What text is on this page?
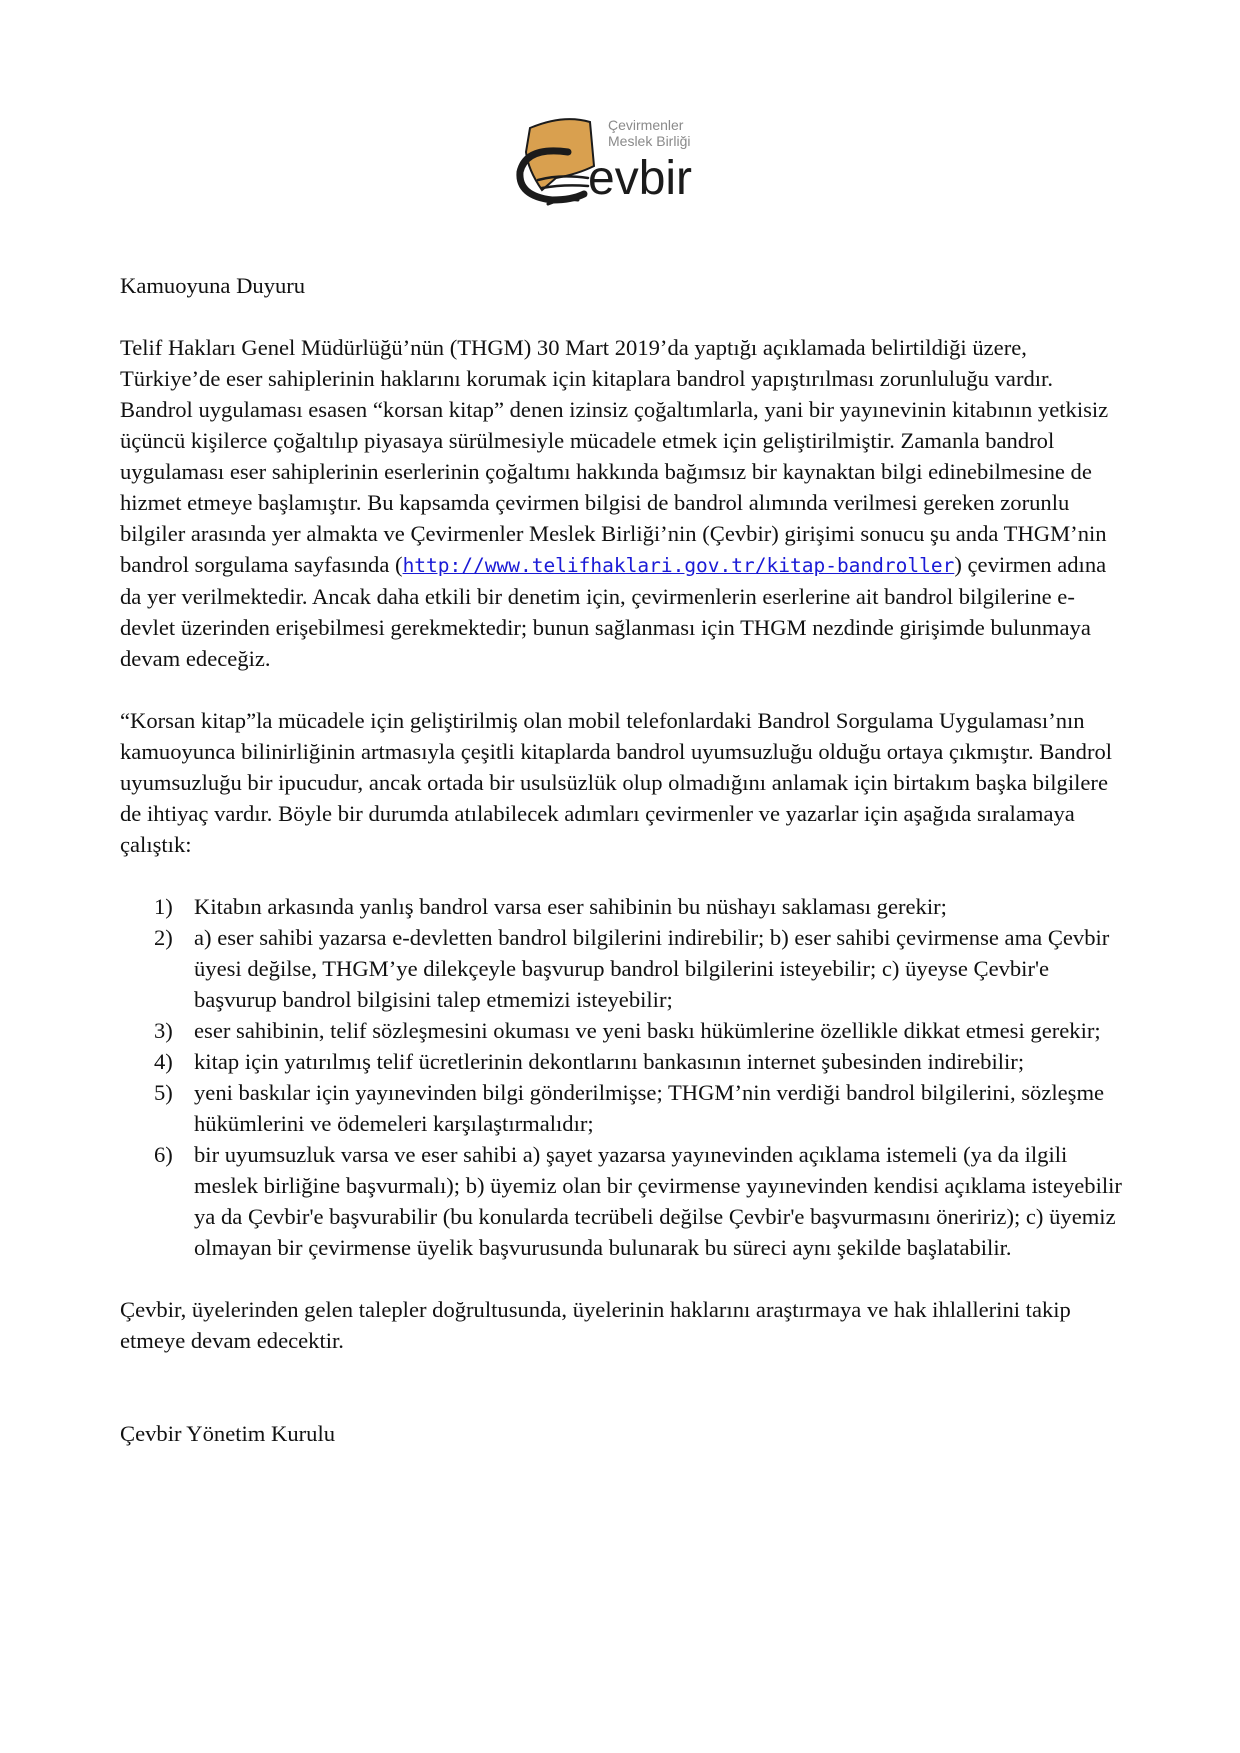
Çevirmenler
Meslek Birliği
evbir

Kamuoyuna Duyuru

Telif Hakları Genel Müdürlüğü’nün (THGM) 30 Mart 2019’da yaptığı açıklamada belirtildiği üzere, Türkiye’de eser sahiplerinin haklarını korumak için kitaplara bandrol yapıştırılması zorunluluğu vardır. Bandrol uygulaması esasen “korsan kitap” denen izinsiz çoğaltımlarla, yani bir yayınevinin kitabının yetkisiz üçüncü kişilerce çoğaltılıp piyasaya sürülmesiyle mücadele etmek için geliştirilmiştir. Zamanla bandrol uygulaması eser sahiplerinin eserlerinin çoğaltımı hakkında bağımsız bir kaynaktan bilgi edinebilmesine de hizmet etmeye başlamıştır. Bu kapsamda çevirmen bilgisi de bandrol alımında verilmesi gereken zorunlu bilgiler arasında yer almakta ve Çevirmenler Meslek Birliği’nin (Çevbir) girişimi sonucu şu anda THGM’nin bandrol sorgulama sayfasında (http://www.telifhaklari.gov.tr/kitap-bandroller) çevirmen adına da yer verilmektedir. Ancak daha etkili bir denetim için, çevirmenlerin eserlerine ait bandrol bilgilerine e-devlet üzerinden erişebilmesi gerekmektedir; bunun sağlanması için THGM nezdinde girişimde bulunmaya devam edeceğiz.

“Korsan kitap”la mücadele için geliştirilmiş olan mobil telefonlardaki Bandrol Sorgulama Uygulaması’nın kamuoyunca bilinirliğinin artmasıyla çeşitli kitaplarda bandrol uyumsuzluğu olduğu ortaya çıkmıştır. Bandrol uyumsuzluğu bir ipucudur, ancak ortada bir usulsüzlük olup olmadığını anlamak için birtakım başka bilgilere de ihtiyaç vardır. Böyle bir durumda atılabilecek adımları çevirmenler ve yazarlar için aşağıda sıralamaya çalıştık:

1) Kitabın arkasında yanlış bandrol varsa eser sahibinin bu nüshayı saklaması gerekir;
2) a) eser sahibi yazarsa e-devletten bandrol bilgilerini indirebilir; b) eser sahibi çevirmense ama Çevbir üyesi değilse, THGM’ye dilekçeyle başvurup bandrol bilgilerini isteyebilir; c) üyeyse Çevbir'e başvurup bandrol bilgisini talep etmemizi isteyebilir;
3) eser sahibinin, telif sözleşmesini okuması ve yeni baskı hükümlerine özellikle dikkat etmesi gerekir;
4) kitap için yatırılmış telif ücretlerinin dekontlarını bankasının internet şubesinden indirebilir;
5) yeni baskılar için yayınevinden bilgi gönderilmişse; THGM’nin verdiği bandrol bilgilerini, sözleşme hükümlerini ve ödemeleri karşılaştırmalıdır;
6) bir uyumsuzluk varsa ve eser sahibi a) şayet yazarsa yayınevinden açıklama istemeli (ya da ilgili meslek birliğine başvurmalı); b) üyemiz olan bir çevirmense yayınevinden kendisi açıklama isteyebilir ya da Çevbir'e başvurabilir (bu konularda tecrübeli değilse Çevbir'e başvurmasını öneririz); c) üyemiz olmayan bir çevirmense üyelik başvurusunda bulunarak bu süreci aynı şekilde başlatabilir.

Çevbir, üyelerinden gelen talepler doğrultusunda, üyelerinin haklarını araştırmaya ve hak ihlallerini takip etmeye devam edecektir.

Çevbir Yönetim Kurulu
